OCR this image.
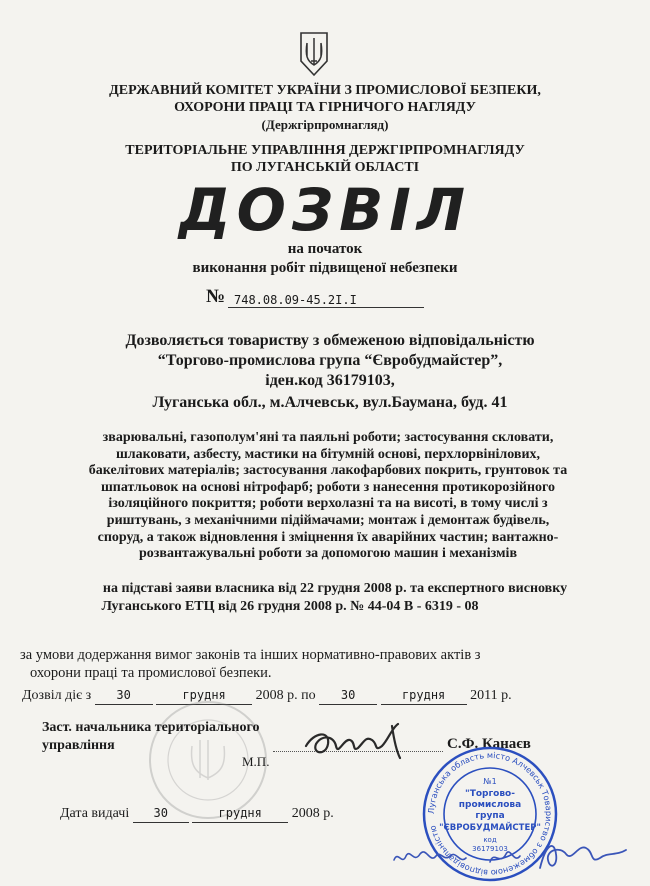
ДЕРЖАВНИЙ КОМІТЕТ УКРАЇНИ З ПРОМИСЛОВОЇ БЕЗПЕКИ,
ОХОРОНИ ПРАЦІ ТА ГІРНИЧОГО НАГЛЯДУ
(Держгірпромнагляд)
ТЕРИТОРІАЛЬНЕ УПРАВЛІННЯ ДЕРЖГІРПРОМНАГЛЯДУ
ПО ЛУГАНСЬКІЙ ОБЛАСТІ
ДОЗВІЛ
на початок
виконання робіт підвищеної небезпеки
№ 748.08.09-45.2I.I
Дозволяється товариству з обмеженою відповідальністю
“Торгово-промислова група “Євробудмайстер”,
іден.код 36179103,
Луганська обл., м.Алчевськ, вул.Баумана, буд. 41
зварювальні, газополум'яні та паяльні роботи; застосування скловати,
шлаковати, азбесту, мастики на бітумній основі, перхлорвінілових,
бакелітових матеріалів; застосування лакофарбових покрить, грунтовок та
шпатльовок на основі нітрофарб; роботи з нанесення протикорозійного
ізоляційного покриття; роботи верхолазні та на висоті, в тому числі з
риштувань, з механічними підіймачами; монтаж і демонтаж будівель,
споруд, а також відновлення і зміцнення їх аварійних частин; вантажно-
розвантажувальні роботи за допомогою машин і механізмів
на підставі заяви власника від 22 грудня 2008 р. та експертного висновку
Луганського ЕТЦ від 26 грудня 2008 р. № 44-04 В - 6319 - 08
за умови додержання вимог законів та інших нормативно-правових актів з
охорони праці та промислової безпеки.
Дозвіл діє з 30	грудня 2008 р. по 30	грудня 2011 р.
Заст. начальника територіального
управління
М.П.
С.Ф. Канаєв
Луганська область місто Алчевськ Товариство з обмеженою відповідальністю
№1
"Торгово-
промислова
група
"ЄВРОБУДМАЙСТЕР"
код
36179103
Дата видачі 30	грудня 2008 р.
